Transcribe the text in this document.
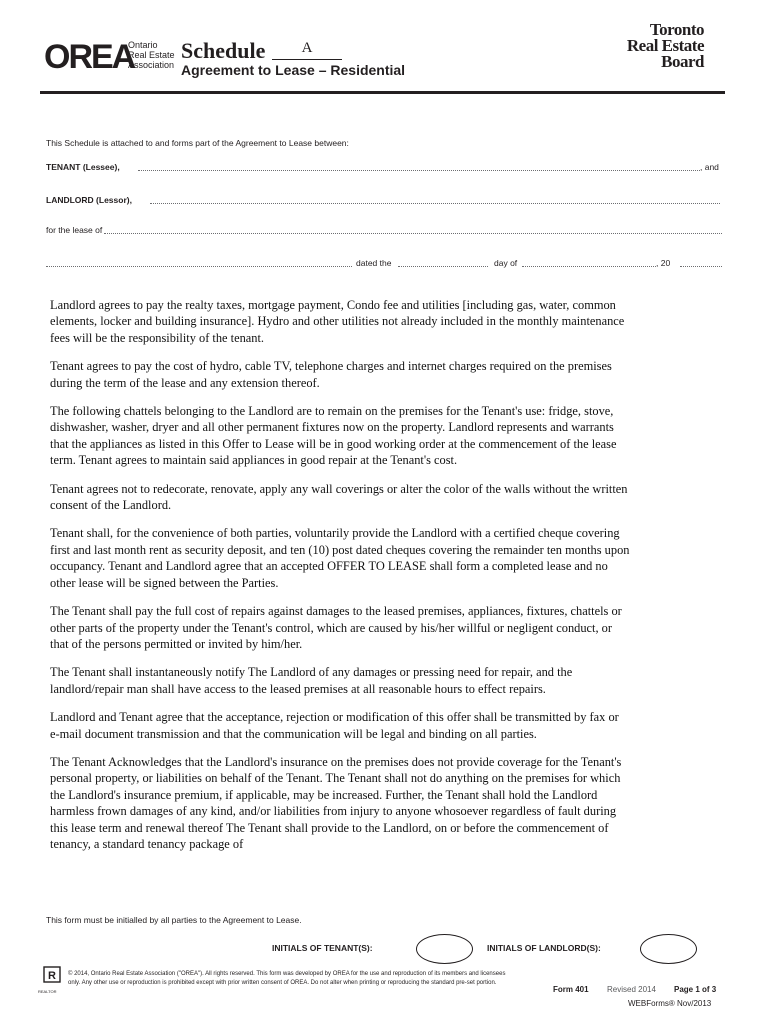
OREA
Ontario
Real Estate
Association
Schedule	A
Agreement to Lease – Residential
Toronto
Real Estate
Board
This Schedule is attached to and forms part of the Agreement to Lease between:
TENANT (Lessee),	, and
LANDLORD (Lessor),
for the lease of
dated the	day of	, 20

Landlord agrees to pay the realty taxes, mortgage payment, Condo fee and utilities [including gas, water, common elements, locker and building insurance]. Hydro and other utilities not already included in the monthly maintenance fees will be the responsibility of the tenant.

Tenant agrees to pay the cost of hydro, cable TV, telephone charges and internet charges required on the premises during the term of the lease and any extension thereof.

The following chattels belonging to the Landlord are to remain on the premises for the Tenant's use: fridge, stove, dishwasher, washer, dryer and all other permanent fixtures now on the property. Landlord represents and warrants that the appliances as listed in this Offer to Lease will be in good working order at the commencement of the lease term. Tenant agrees to maintain said appliances in good repair at the Tenant's cost.

Tenant agrees not to redecorate, renovate, apply any wall coverings or alter the color of the walls without the written consent of the Landlord.

Tenant shall, for the convenience of both parties, voluntarily provide the Landlord with a certified cheque covering first and last month rent as security deposit, and ten (10) post dated cheques covering the remainder ten months upon occupancy. Tenant and Landlord agree that an accepted OFFER TO LEASE shall form a completed lease and no other lease will be signed between the Parties.

The Tenant shall pay the full cost of repairs against damages to the leased premises, appliances, fixtures, chattels or other parts of the property under the Tenant's control, which are caused by his/her willful or negligent conduct, or that of the persons permitted or invited by him/her.

The Tenant shall instantaneously notify The Landlord of any damages or pressing need for repair, and the landlord/repair man shall have access to the leased premises at all reasonable hours to effect repairs.

Landlord and Tenant agree that the acceptance, rejection or modification of this offer shall be transmitted by fax or e-mail document transmission and that the communication will be legal and binding on all parties.

The Tenant Acknowledges that the Landlord's insurance on the premises does not provide coverage for the Tenant's personal property, or liabilities on behalf of the Tenant. The Tenant shall not do anything on the premises for which the Landlord's insurance premium, if applicable, may be increased. Further, the Tenant shall hold the Landlord harmless frown damages of any kind, and/or liabilities from injury to anyone whosoever regardless of fault during this lease term and renewal thereof The Tenant shall provide to the Landlord, on or before the commencement of tenancy, a standard tenancy package of

This form must be initialled by all parties to the Agreement to Lease.
INITIALS OF TENANT(S):	INITIALS OF LANDLORD(S):
R
REALTOR
© 2014, Ontario Real Estate Association ("OREA"). All rights reserved. This form was developed by OREA for the use and reproduction of its members and licensees
only. Any other use or reproduction is prohibited except with prior written consent of OREA. Do not alter when printing or reproducing the standard pre-set portion.
Form 401 Revised 2014 Page 1 of 3
WEBForms® Nov/2013
